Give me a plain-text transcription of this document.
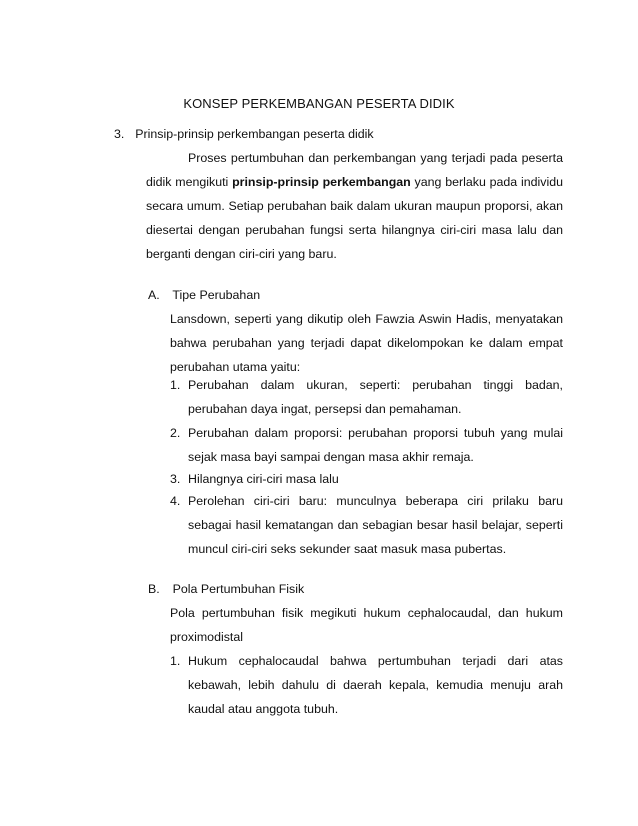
KONSEP PERKEMBANGAN PESERTA DIDIK
3. Prinsip-prinsip perkembangan peserta didik

Proses pertumbuhan dan perkembangan yang terjadi pada peserta didik mengikuti prinsip-prinsip perkembangan yang berlaku pada individu secara umum. Setiap perubahan baik dalam ukuran maupun proporsi, akan diesertai dengan perubahan fungsi serta hilangnya ciri-ciri masa lalu dan berganti dengan ciri-ciri yang baru.

A. Tipe Perubahan

Lansdown, seperti yang dikutip oleh Fawzia Aswin Hadis, menyatakan bahwa perubahan yang terjadi dapat dikelompokan ke dalam empat perubahan utama yaitu:

1. Perubahan dalam ukuran, seperti: perubahan tinggi badan, perubahan daya ingat, persepsi dan pemahaman.
2. Perubahan dalam proporsi: perubahan proporsi tubuh yang mulai sejak masa bayi sampai dengan masa akhir remaja.
3. Hilangnya ciri-ciri masa lalu
4. Perolehan ciri-ciri baru: munculnya beberapa ciri prilaku baru sebagai hasil kematangan dan sebagian besar hasil belajar, seperti muncul ciri-ciri seks sekunder saat masuk masa pubertas.
B. Pola Pertumbuhan Fisik

Pola pertumbuhan fisik megikuti hukum cephalocaudal, dan hukum proximodistal

1. Hukum cephalocaudal bahwa pertumbuhan terjadi dari atas kebawah, lebih dahulu di daerah kepala, kemudia menuju arah kaudal atau anggota tubuh.
